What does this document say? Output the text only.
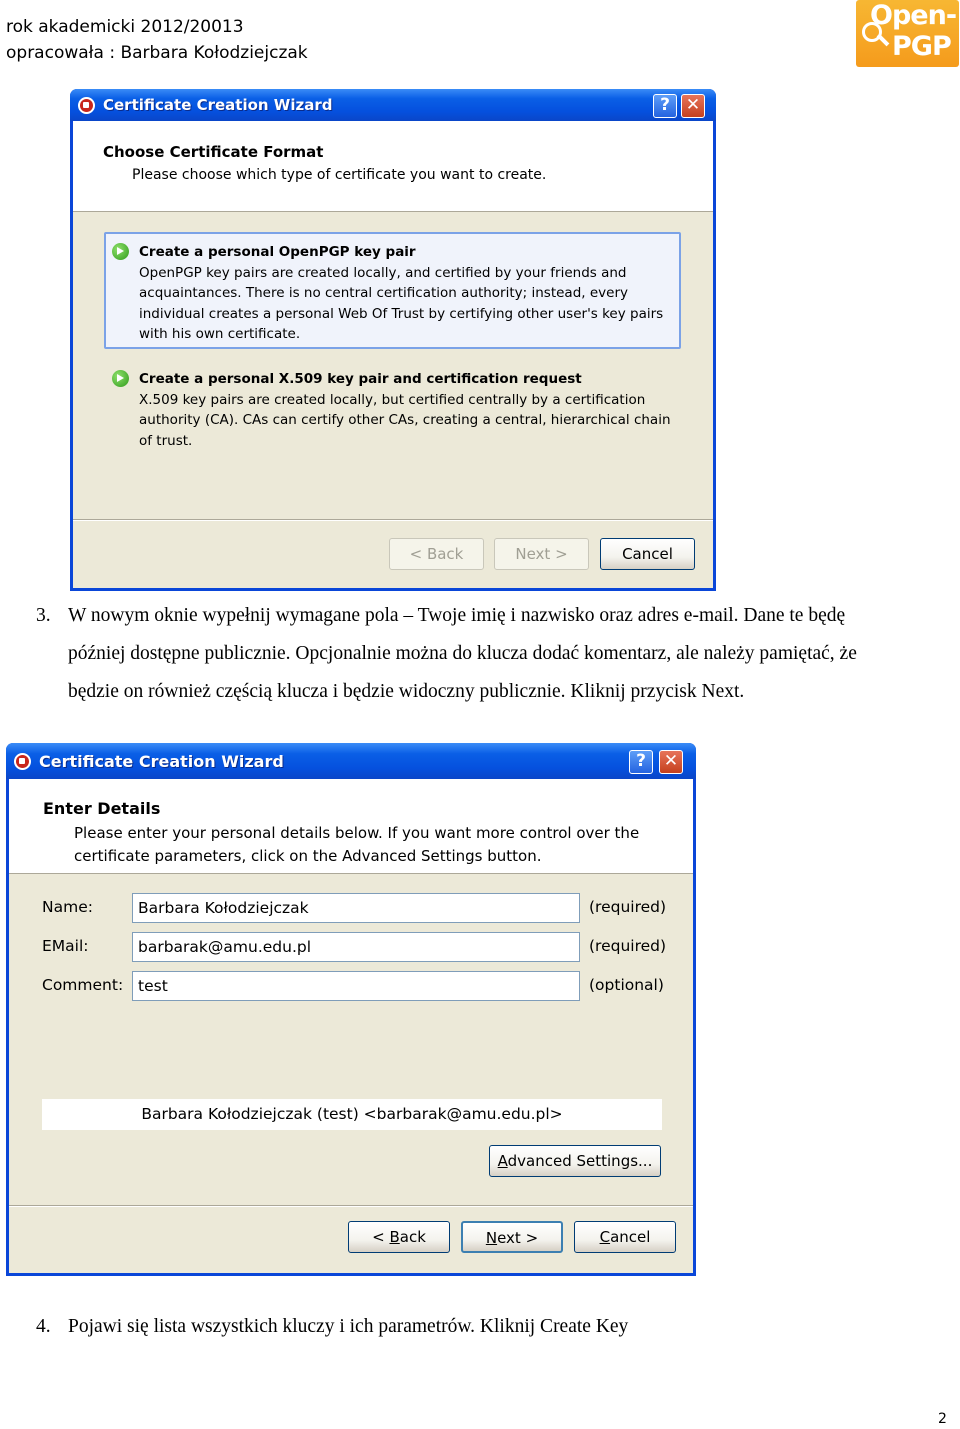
rok akademicki 2012/20013
opracowała : Barbara Kołodziejczak
Open-
PGP
Certificate Creation Wizard	? ✕
Choose Certificate Format
Please choose which type of certificate you want to create.
Create a personal OpenPGP key pair
OpenPGP key pairs are created locally, and certified by your friends and
acquaintances. There is no central certification authority; instead, every
individual creates a personal Web Of Trust by certifying other user's key pairs
with his own certificate.
Create a personal X.509 key pair and certification request
X.509 key pairs are created locally, but certified centrally by a certification
authority (CA). CAs can certify other CAs, creating a central, hierarchical chain
of trust.
< Back	Next >	Cancel
3. W nowym oknie wypełnij wymagane pola – Twoje imię i nazwisko oraz adres e-mail. Dane te będę
później dostępne publicznie. Opcjonalnie można do klucza dodać komentarz, ale należy pamiętać, że
będzie on również częścią klucza i będzie widoczny publicznie. Kliknij przycisk Next.
Certificate Creation Wizard	?	✕
Enter Details
Please enter your personal details below. If you want more control over the
certificate parameters, click on the Advanced Settings button.
Name:	Barbara Kołodziejczak	(required)
EMail:	barbarak@amu.edu.pl	(required)
Comment: test	(optional)
Barbara Kołodziejczak (test) <barbarak@amu.edu.pl>
Advanced Settings...
< Back	Next >	Cancel
4. Pojawi się lista wszystkich kluczy i ich parametrów. Kliknij Create Key
2
